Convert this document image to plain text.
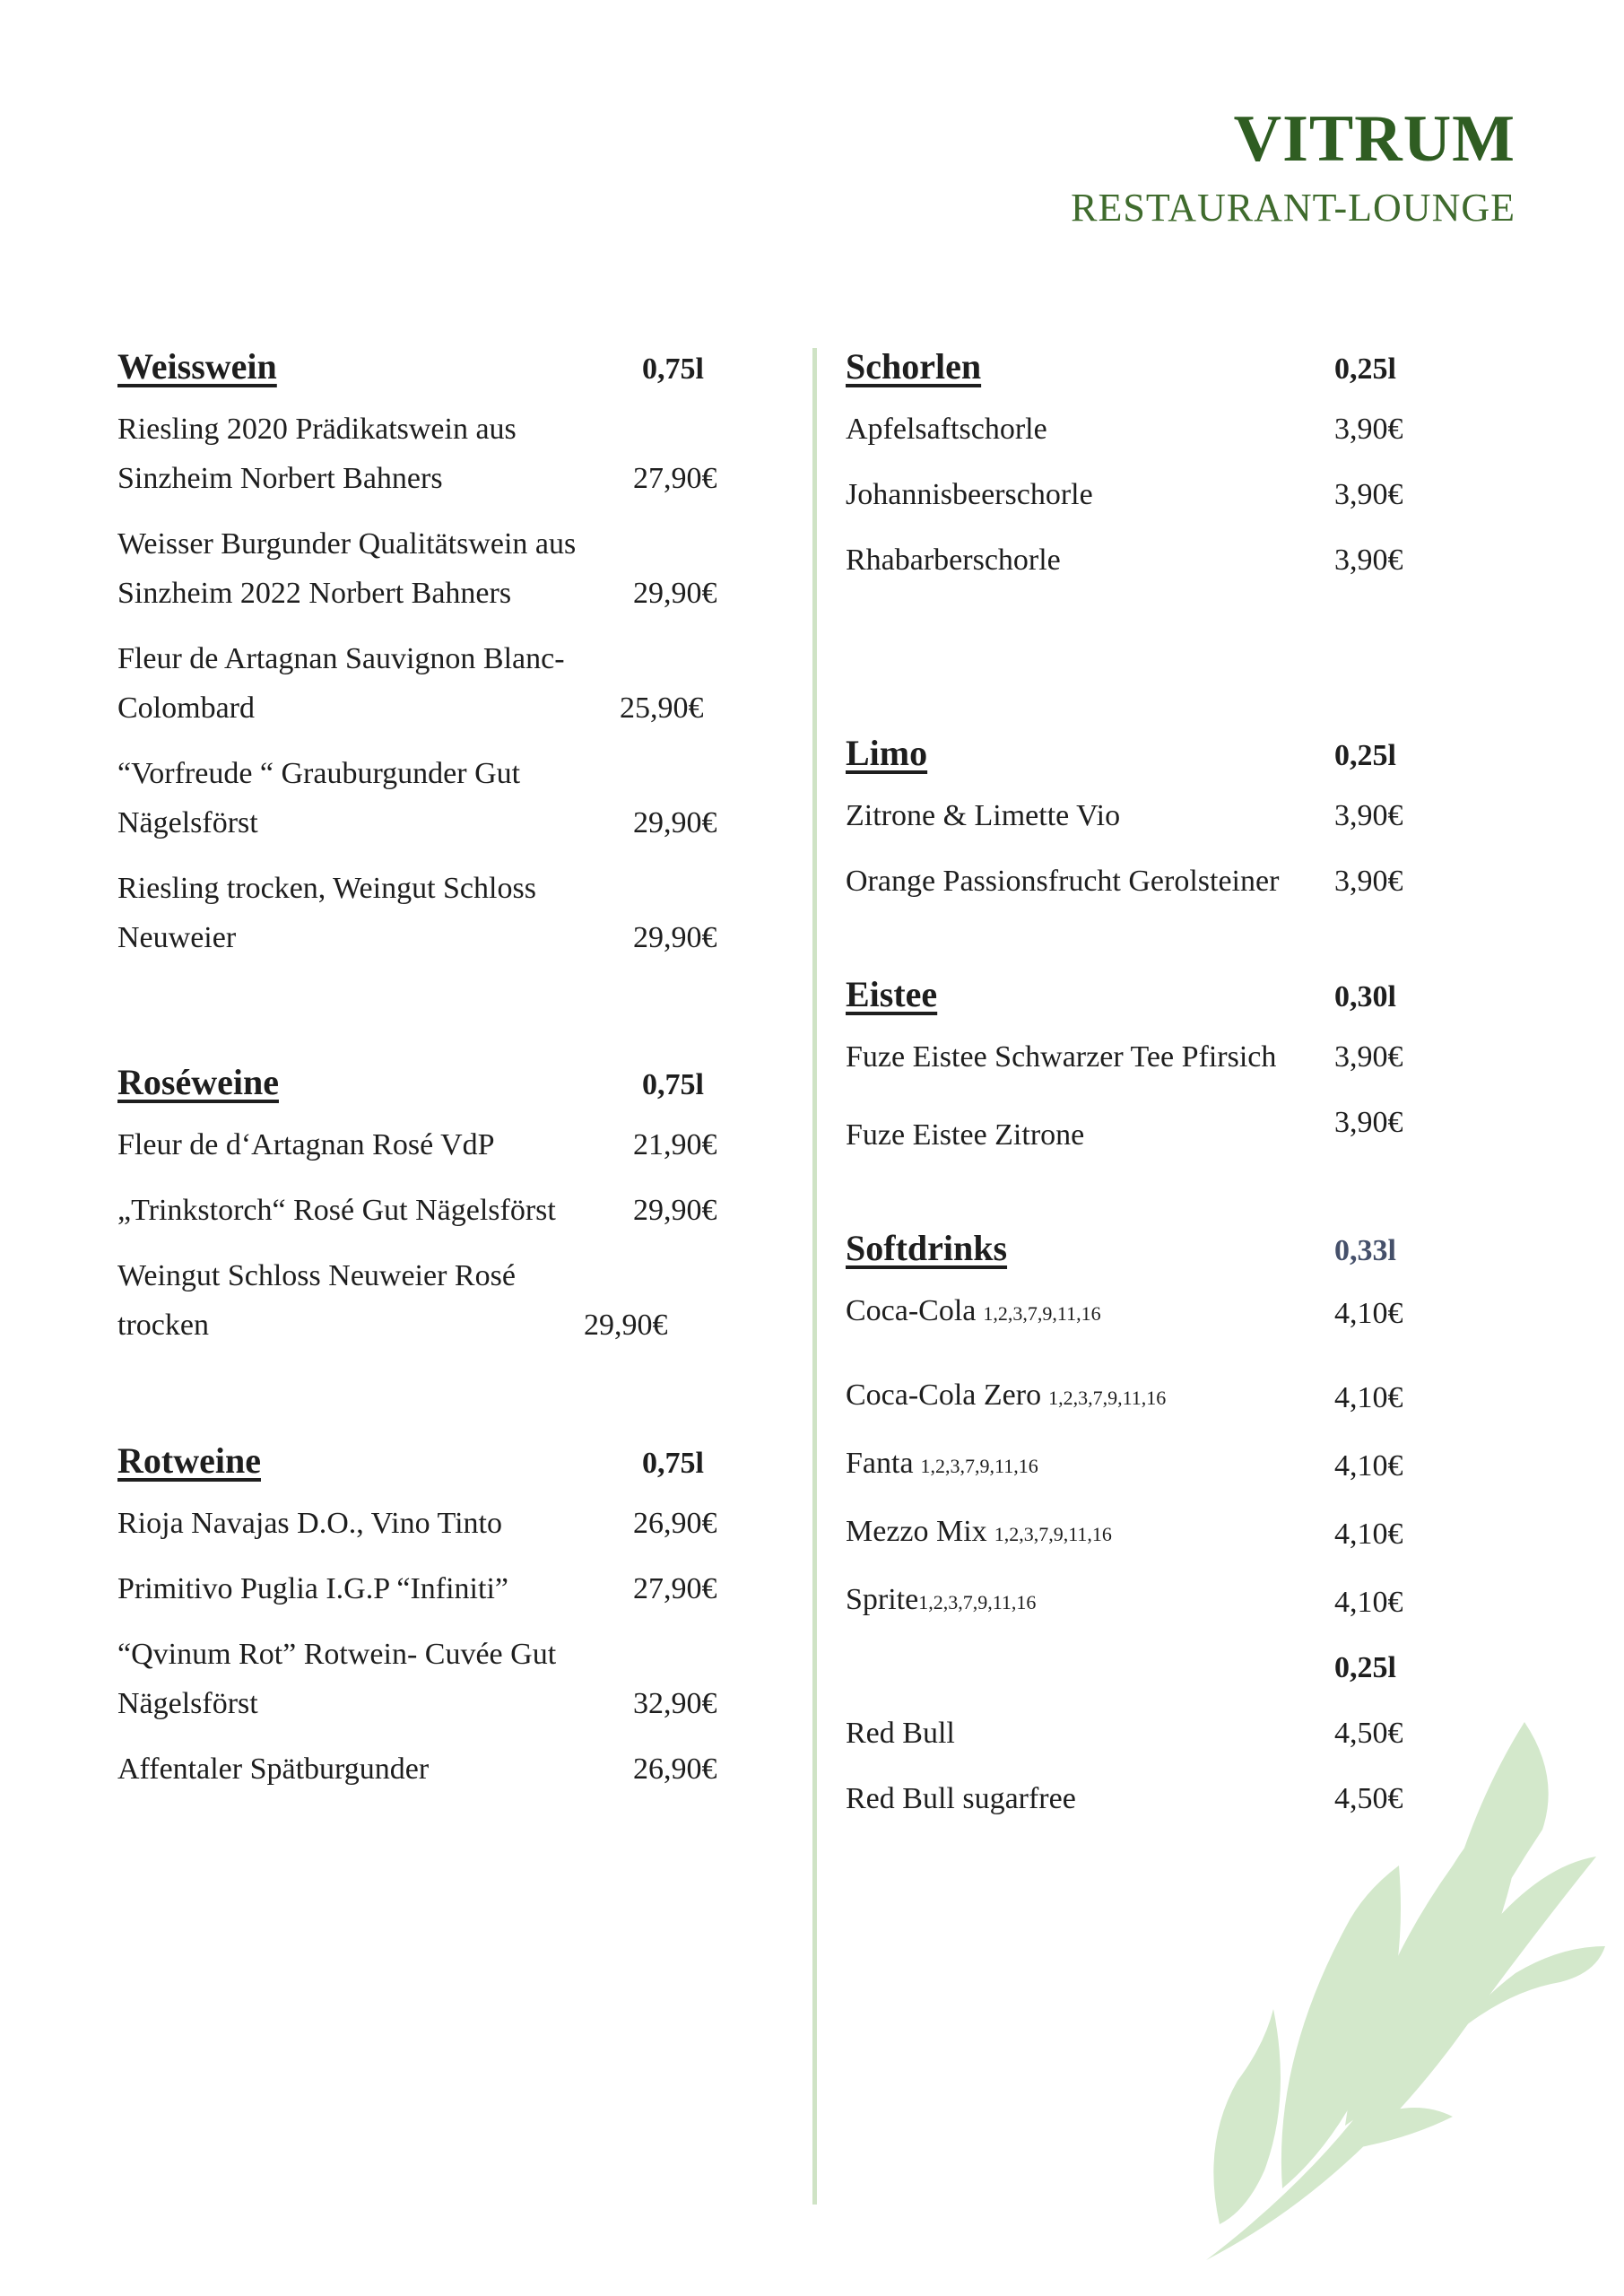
VITRUM
RESTAURANT-LOUNGE
Weisswein	0,75l
Riesling 2020 Prädikatswein aus Sinzheim Norbert Bahners	27,90€
Weisser Burgunder Qualitätswein aus Sinzheim 2022 Norbert Bahners	29,90€
Fleur de Artagnan Sauvignon Blanc-Colombard	25,90€
“Vorfreude “ Grauburgunder Gut Nägelsförst	29,90€
Riesling trocken, Weingut Schloss Neuweier	29,90€
Roséweine	0,75l
Fleur de d‘Artagnan Rosé VdP	21,90€
„Trinkstorch“ Rosé Gut Nägelsförst	29,90€
Weingut Schloss Neuweier Rosé trocken	29,90€
Rotweine	0,75l
Rioja Navajas D.O., Vino Tinto	26,90€
Primitivo Puglia I.G.P “Infiniti”	27,90€
“Qvinum Rot” Rotwein- Cuvée Gut Nägelsförst	32,90€
Affentaler Spätburgunder	26,90€
Schorlen	0,25l
Apfelsaftschorle	3,90€
Johannisbeerschorle	3,90€
Rhabarberschorle	3,90€
Limo	0,25l
Zitrone & Limette Vio	3,90€
Orange Passionsfrucht Gerolsteiner	3,90€
Eistee	0,30l
Fuze Eistee Schwarzer Tee Pfirsich	3,90€
Fuze Eistee Zitrone	3,90€
Softdrinks	0,33l
Coca-Cola 1,2,3,7,9,11,16	4,10€
Coca-Cola Zero 1,2,3,7,9,11,16	4,10€
Fanta 1,2,3,7,9,11,16	4,10€
Mezzo Mix 1,2,3,7,9,11,16	4,10€
Sprite1,2,3,7,9,11,16	4,10€
0,25l
Red Bull	4,50€
Red Bull sugarfree	4,50€
